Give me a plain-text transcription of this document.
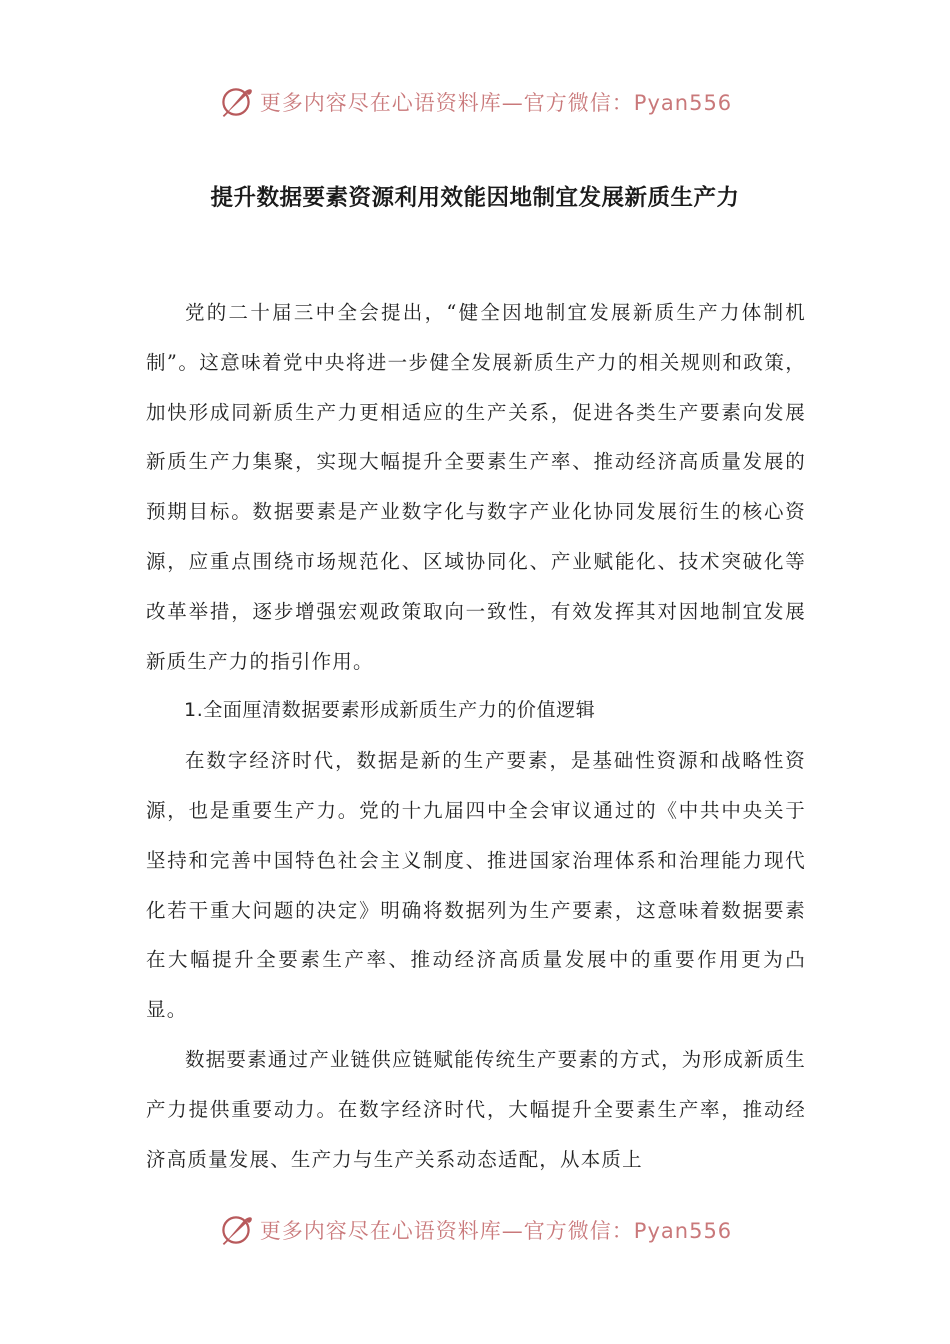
更多内容尽在心语资料库—官方微信：Pyan556
提升数据要素资源利用效能因地制宜发展新质生产力

党的二十届三中全会提出，“健全因地制宜发展新质生产力体制机制”。这意味着党中央将进一步健全发展新质生产力的相关规则和政策，加快形成同新质生产力更相适应的生产关系，促进各类生产要素向发展新质生产力集聚，实现大幅提升全要素生产率、推动经济高质量发展的预期目标。数据要素是产业数字化与数字产业化协同发展衍生的核心资源，应重点围绕市场规范化、区域协同化、产业赋能化、技术突破化等改革举措，逐步增强宏观政策取向一致性，有效发挥其对因地制宜发展新质生产力的指引作用。

1.全面厘清数据要素形成新质生产力的价值逻辑

在数字经济时代，数据是新的生产要素，是基础性资源和战略性资源，也是重要生产力。党的十九届四中全会审议通过的《中共中央关于坚持和完善中国特色社会主义制度、推进国家治理体系和治理能力现代化若干重大问题的决定》明确将数据列为生产要素，这意味着数据要素在大幅提升全要素生产率、推动经济高质量发展中的重要作用更为凸显。

数据要素通过产业链供应链赋能传统生产要素的方式，为形成新质生产力提供重要动力。在数字经济时代，大幅提升全要素生产率，推动经济高质量发展、生产力与生产关系动态适配，从本质上

更多内容尽在心语资料库—官方微信：Pyan556
